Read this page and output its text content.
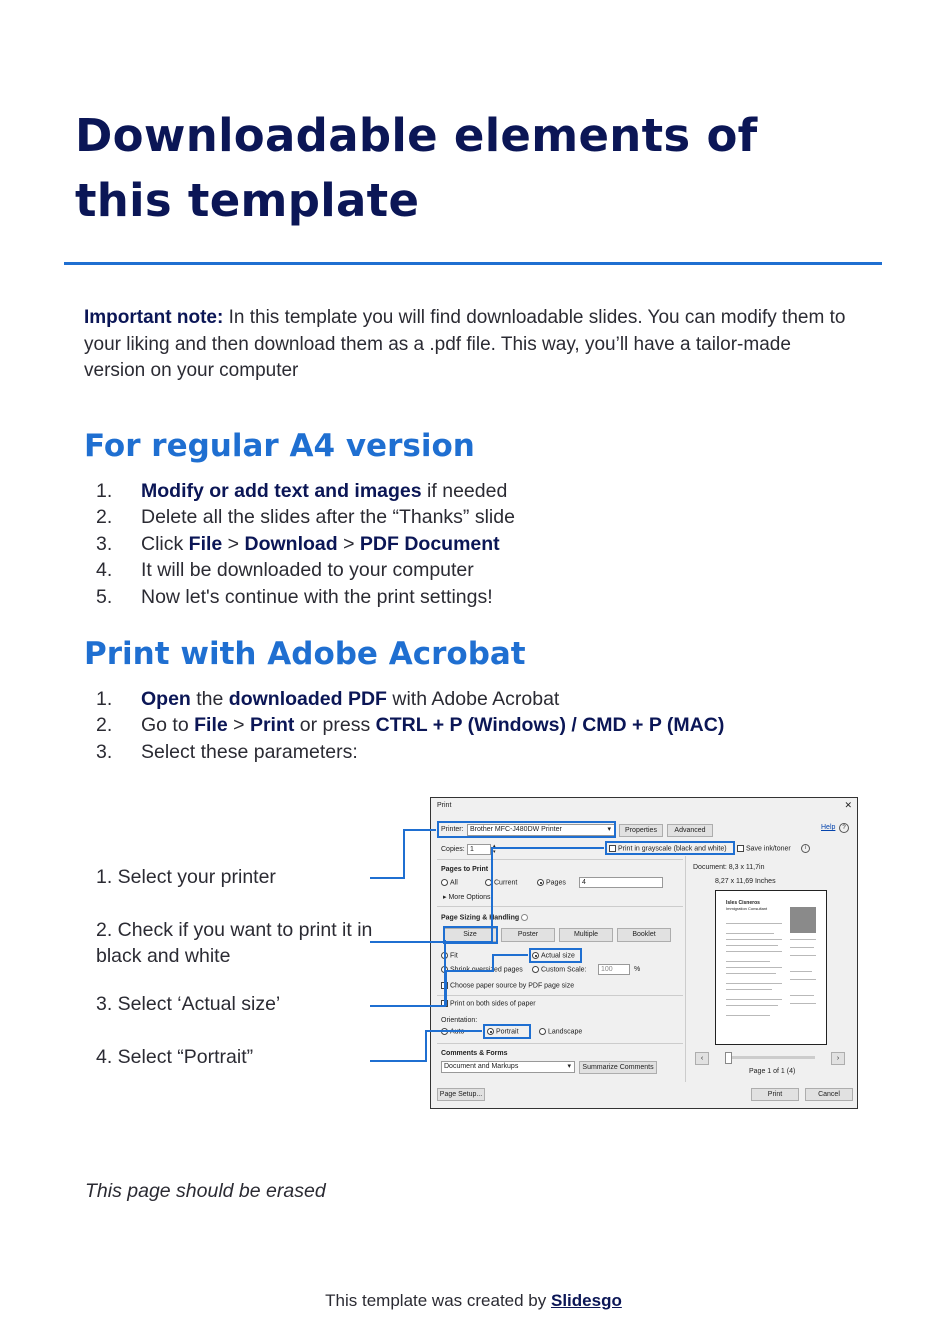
Downloadable elements of
this template

Important note: In this template you will find downloadable slides. You can modify them to your liking and then download them as a .pdf file. This way, you’ll have a tailor-made version on your computer

For regular A4 version
1. Modify or add text and images if needed
2. Delete all the slides after the “Thanks” slide
3. Click File > Download > PDF Document
4. It will be downloaded to your computer
5. Now let's continue with the print settings!
Print with Adobe Acrobat
1. Open the downloaded PDF with Adobe Acrobat
2. Go to File > Print or press CTRL + P (Windows) / CMD + P (MAC)
3. Select these parameters:
1. Select your printer
2. Check if you want to print it in black and white
3. Select ‘Actual size’
4. Select “Portrait”
Print	✕
Printer: Brother MFC-J480DW Printer	▾	Properties	Advanced	Help	?
Copies: 1	▴
▾	Print in grayscale (black and white)	Save ink/toner	i
Pages to Print
All	Current	Pages	4
▸ More Options
Page Sizing & Handling
Size	Poster	Multiple	Booklet
Fit	Actual size
Shrink oversized pages	Custom Scale:	100	%
Choose paper source by PDF page size
Print on both sides of paper
Orientation:
Auto	Portrait	Landscape
Comments & Forms
Document and Markups	▾	Summarize Comments
Page Setup...	Print	Cancel
Document: 8,3 x 11,7in
8,27 x 11,69 Inches
Isles Cisneros
Immigration Consultant
‹	›
Page 1 of 1 (4)
This page should be erased
This template was created by Slidesgo
